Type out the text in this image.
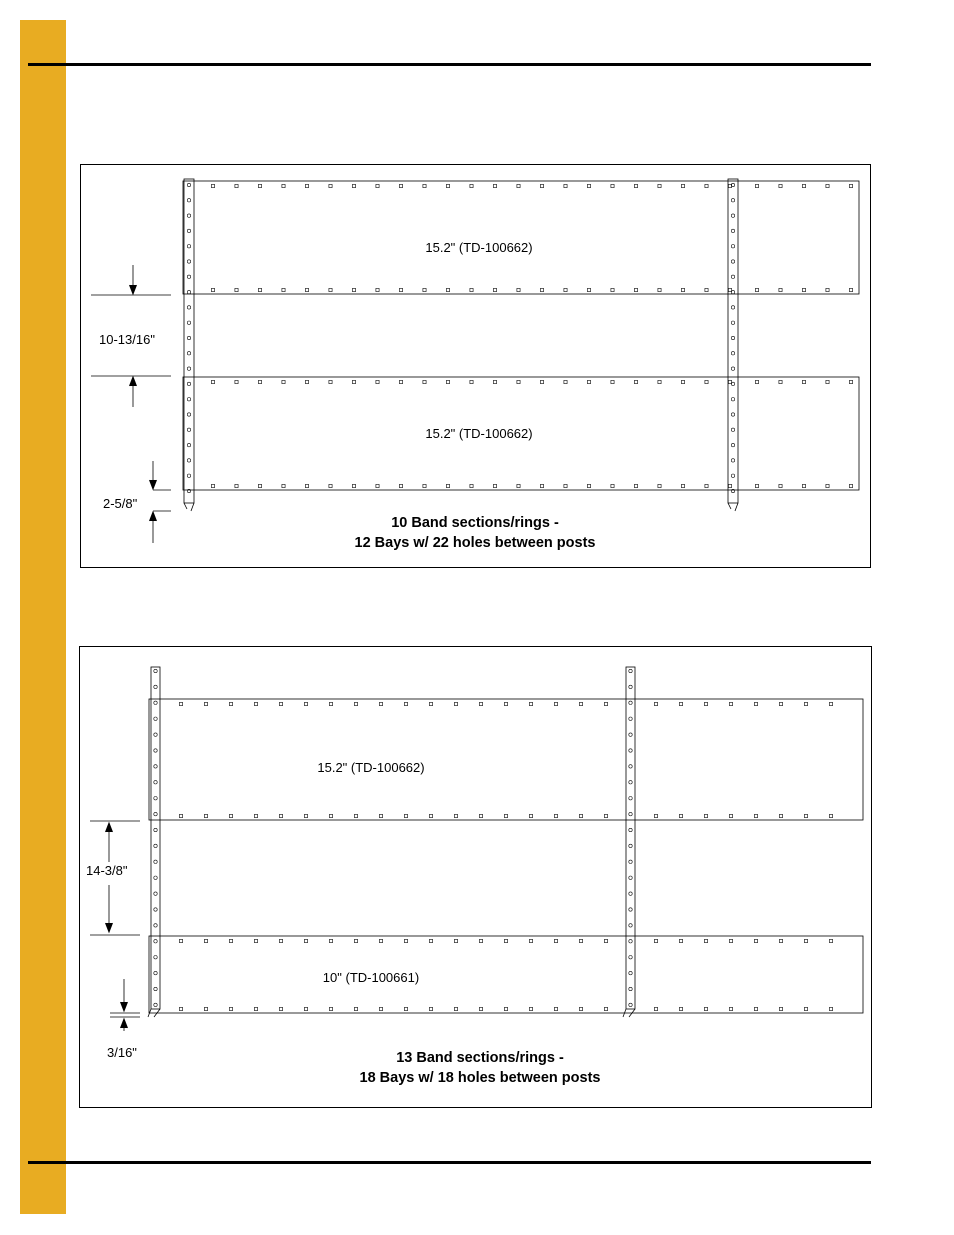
15.2" (TD-100662)
15.2" (TD-100662)
10-13/16"
2-5/8"
10 Band sections/rings -
12 Bays w/ 22 holes between posts
15.2" (TD-100662)
10" (TD-100661)
14-3/8"
3/16"	13 Band sections/rings -
18 Bays w/ 18 holes between posts
